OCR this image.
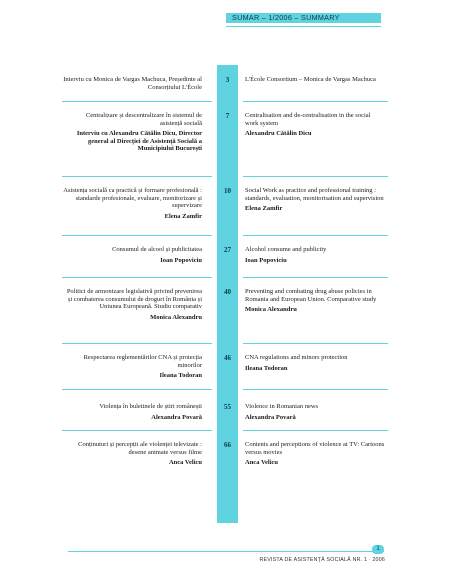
SUMAR – 1/2006 – SUMMARY
3
Interviu cu Monica de Vargas Machuca, Președinte al Consorțiului L'École
L'École Consortium – Monica de Vargas Machuca
7
Centralizare și descentralizare în sistemul de asistență socială
Interviu cu Alexandru Cătălin Dicu, Director general al Direcției de Asistență Socială a Municipiului București
Centralisation and de-centralisation in the social work system
Alexandru Cătălin Dicu
10
Asistența socială ca practică și formare profesională : standarde profesionale, evaluare, monitorizare și supervizare
Elena Zamfir
Social Work as practice and professional training : standards, evaluation, monitorisation and supervision
Elena Zamfir
27
Consumul de alcool și publicitatea
Ioan Popoviciu
Alcohol consume and publicity
Ioan Popoviciu
40
Politici de armonizare legislativă privind prevenirea și combaterea consumului de droguri în România și Uniunea Europeană. Studiu comparativ
Monica Alexandru
Preventing and combating drug abuse policies in Romania and European Union. Comparative study
Monica Alexandru
46
Respectarea reglementărilor CNA și protecția minorilor
Ileana Todoran
CNA regulations and minors protection
Ileana Todoran
55
Violența în buletinele de știri românești
Alexandra Povară
Violence in Romanian news
Alexandra Povară
66
Conținuturi și percepții ale violenței televizate : desene animate versus filme
Anca Velicu
Contents and perceptions of violence at TV: Cartoons versus movies
Anca Velicu
1
REVISTA DE ASISTENȚĂ SOCIALĂ NR. 1 · 2006
